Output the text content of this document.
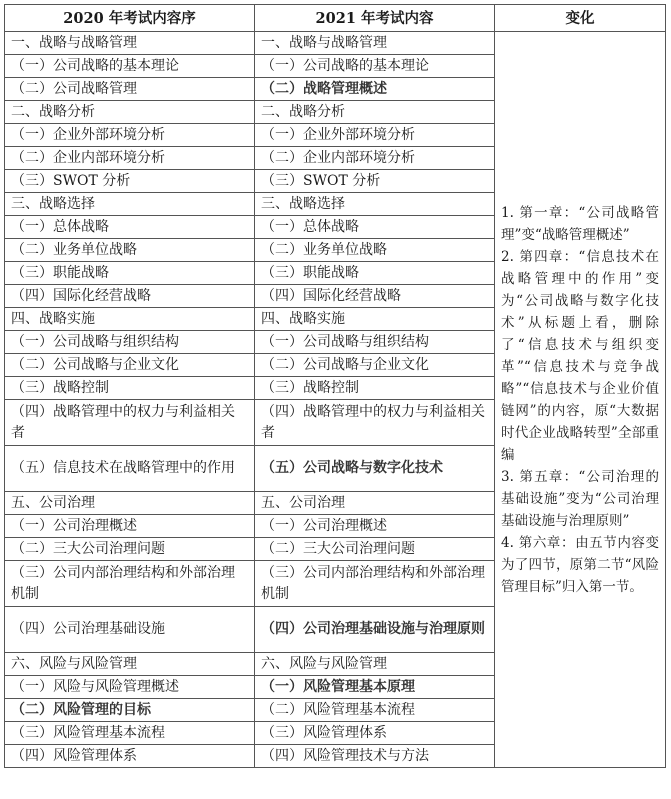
2020 年考试内容序	2021 年考试内容	变化
一、战略与战略管理	一、战略与战略管理	1. 第一章：“公司战略管理”变“战略管理概述”

2. 第四章：“信息技术在战略管理中的作用”变为“公司战略与数字化技术”从标题上看，删除了“信息技术与组织变革”“信息技术与竞争战略”“信息技术与企业价值链网”的内容，原“大数据时代企业战略转型”全部重编

3. 第五章：“公司治理的基础设施”变为“公司治理基础设施与治理原则”

4. 第六章：由五节内容变为了四节，原第二节“风险管理目标”归入第一节。

（一）公司战略的基本理论	（一）公司战略的基本理论	
（二）公司战略管理	（二）战略管理概述	
二、战略分析	二、战略分析	
（一）企业外部环境分析	（一）企业外部环境分析	
（二）企业内部环境分析	（二）企业内部环境分析	
（三）SWOT 分析	（三）SWOT 分析	
三、战略选择	三、战略选择	
（一）总体战略	（一）总体战略	
（二）业务单位战略	（二）业务单位战略	
（三）职能战略	（三）职能战略	
（四）国际化经营战略	（四）国际化经营战略	
四、战略实施	四、战略实施	
（一）公司战略与组织结构	（一）公司战略与组织结构	
（二）公司战略与企业文化	（二）公司战略与企业文化	
（三）战略控制	（三）战略控制	
（四）战略管理中的权力与利益相关者	（四）战略管理中的权力与利益相关者	
（五）信息技术在战略管理中的作用	（五）公司战略与数字化技术	
五、公司治理	五、公司治理	
（一）公司治理概述	（一）公司治理概述	
（二）三大公司治理问题	（二）三大公司治理问题	
（三）公司内部治理结构和外部治理机制	（三）公司内部治理结构和外部治理机制	
（四）公司治理基础设施	（四）公司治理基础设施与治理原则	
六、风险与风险管理	六、风险与风险管理	
（一）风险与风险管理概述	（一）风险管理基本原理	
（二）风险管理的目标	（二）风险管理基本流程	
（三）风险管理基本流程	（三）风险管理体系	
（四）风险管理体系	（四）风险管理技术与方法	
